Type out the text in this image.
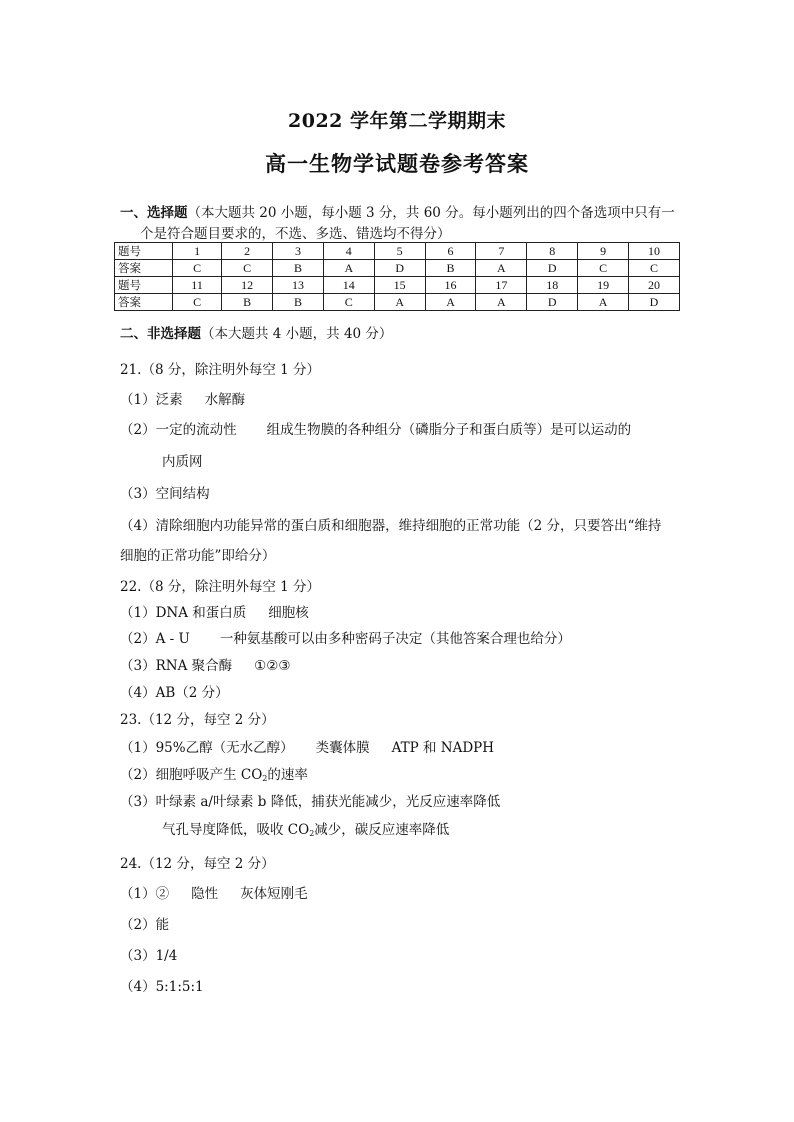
2022 学年第二学期期末
高一生物学试题卷参考答案
一、选择题（本大题共 20 小题，每小题 3 分，共 60 分。每小题列出的四个备选项中只有一
个是符合题目要求的，不选、多选、错选均不得分）
题号	1	2	3	4	5	6	7	8	9	10
答案	C	C	B	A	D	B	A	D	C	C
题号	11	12	13	14	15	16	17	18	19	20
答案	C	B	B	C	A	A	A	D	A	D
二、非选择题（本大题共 4 小题，共 40 分）
21.（8 分，除注明外每空 1 分）
（1）泛素 水解酶
（2）一定的流动性 组成生物膜的各种组分（磷脂分子和蛋白质等）是可以运动的
内质网
（3）空间结构
（4）清除细胞内功能异常的蛋白质和细胞器，维持细胞的正常功能（2 分，只要答出“维持
细胞的正常功能”即给分）
22.（8 分，除注明外每空 1 分）
（1）DNA 和蛋白质 细胞核
（2）A - U 一种氨基酸可以由多种密码子决定（其他答案合理也给分）
（3）RNA 聚合酶 ①②③
（4）AB（2 分）
23.（12 分，每空 2 分）
（1）95%乙醇（无水乙醇） 类囊体膜 ATP 和 NADPH
（2）细胞呼吸产生 $CO_2$的速率
（3）叶绿素 a/叶绿素 b 降低，捕获光能减少，光反应速率降低
气孔导度降低，吸收 $CO_2$减少，碳反应速率降低
24.（12 分，每空 2 分）
（1）② 隐性 灰体短刚毛
（2）能
（3）1/4
（4）5:1:5:1
